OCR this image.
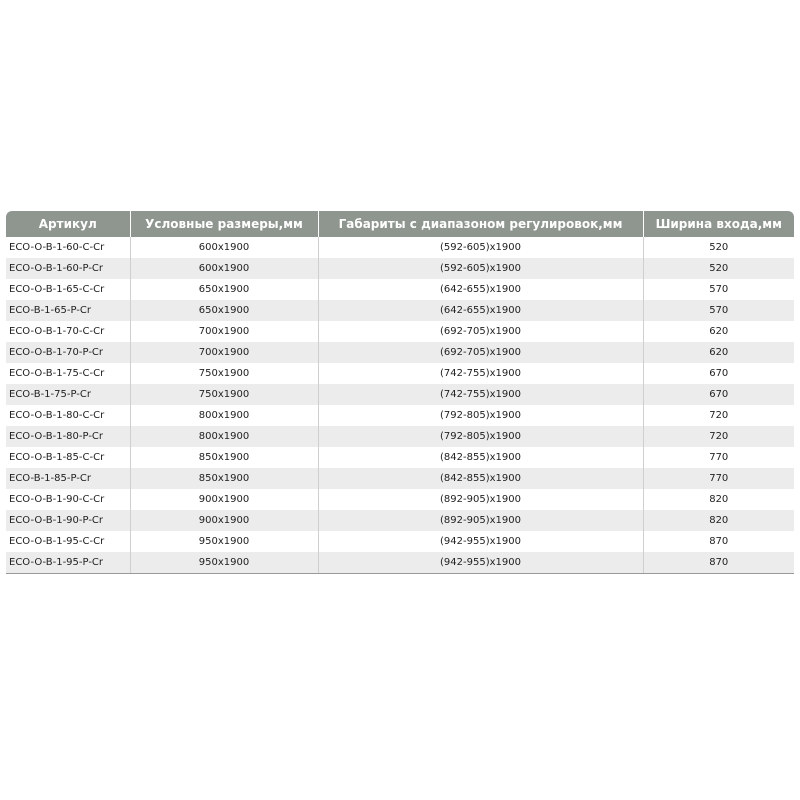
Артикул	Условные размеры,мм	Габариты с диапазоном регулировок,мм	Ширина входа,мм
ECO-O-B-1-60-C-Cr	600x1900	(592-605)x1900	520
ECO-O-B-1-60-P-Cr	600x1900	(592-605)x1900	520
ECO-O-B-1-65-C-Cr	650x1900	(642-655)x1900	570
ECO-B-1-65-P-Cr	650x1900	(642-655)x1900	570
ECO-O-B-1-70-C-Cr	700x1900	(692-705)x1900	620
ECO-O-B-1-70-P-Cr	700x1900	(692-705)x1900	620
ECO-O-B-1-75-C-Cr	750x1900	(742-755)x1900	670
ECO-B-1-75-P-Cr	750x1900	(742-755)x1900	670
ECO-O-B-1-80-C-Cr	800x1900	(792-805)x1900	720
ECO-O-B-1-80-P-Cr	800x1900	(792-805)x1900	720
ECO-O-B-1-85-C-Cr	850x1900	(842-855)x1900	770
ECO-B-1-85-P-Cr	850x1900	(842-855)x1900	770
ECO-O-B-1-90-C-Cr	900x1900	(892-905)x1900	820
ECO-O-B-1-90-P-Cr	900x1900	(892-905)x1900	820
ECO-O-B-1-95-C-Cr	950x1900	(942-955)x1900	870
ECO-O-B-1-95-P-Cr	950x1900	(942-955)x1900	870
